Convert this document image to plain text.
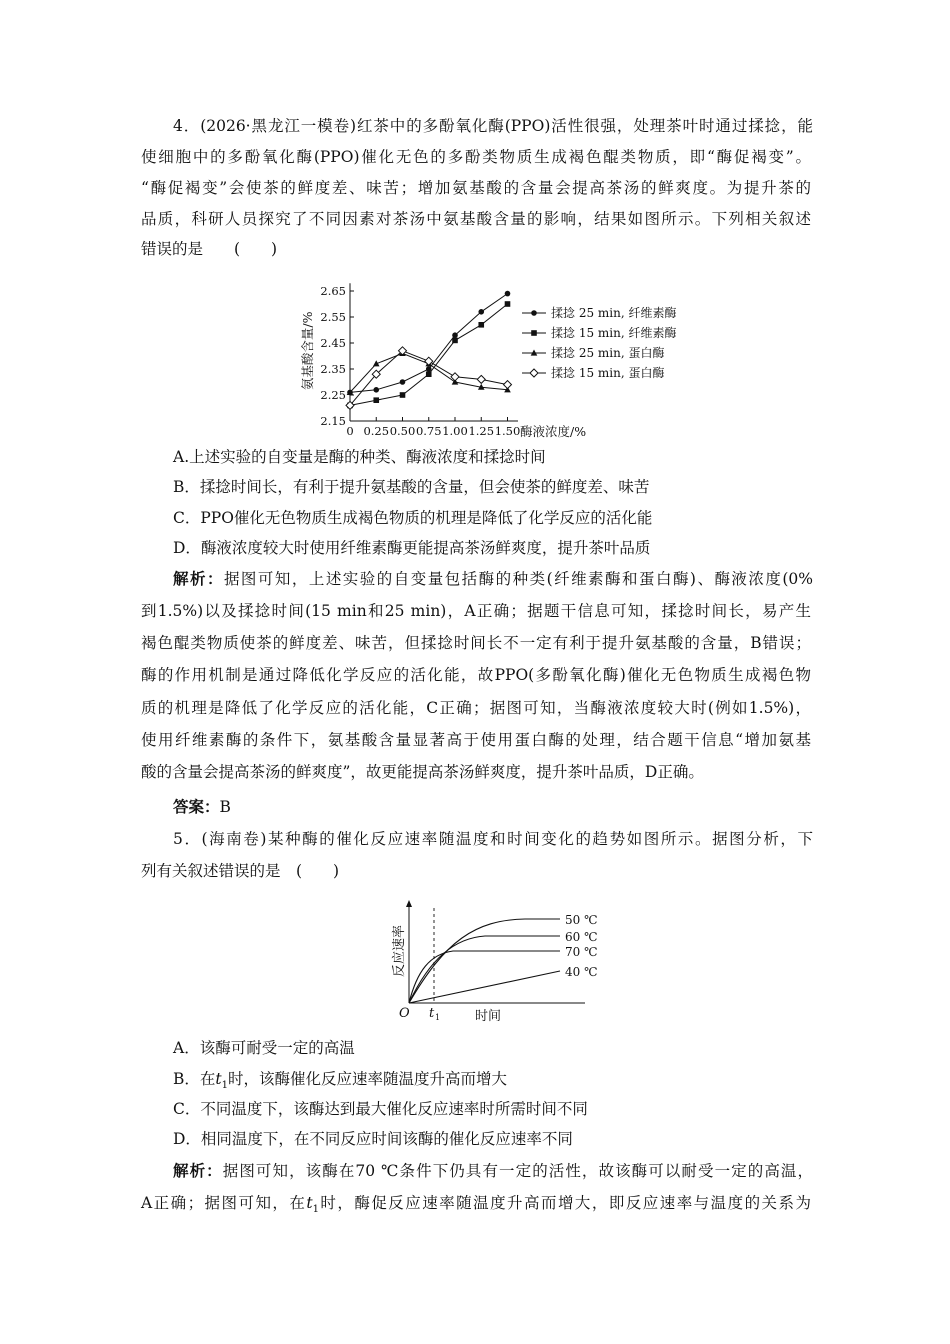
4．(2026·黑龙江一模卷)红茶中的多酚氧化酶(PPO)活性很强，处理茶叶时通过揉捻，能
使细胞中的多酚氧化酶(PPO)催化无色的多酚类物质生成褐色醌类物质，即“酶促褐变”。
“酶促褐变”会使茶的鲜度差、味苦；增加氨基酸的含量会提高茶汤的鲜爽度。为提升茶的
品质，科研人员探究了不同因素对茶汤中氨基酸含量的影响，结果如图所示。下列相关叙述
错误的是　　(　　)
2.15
2.25
2.35
2.45
2.55
2.65
0 0.25 0.50 0.75 1.00 1.25 1.50 酶液浓度/%
氨基酸含量/%	揉捻 25 min, 纤维素酶
揉捻 15 min, 纤维素酶
揉捻 25 min, 蛋白酶
揉捻 15 min, 蛋白酶
A.上述实验的自变量是酶的种类、酶液浓度和揉捻时间
B．揉捻时间长，有利于提升氨基酸的含量，但会使茶的鲜度差、味苦
C．PPO催化无色物质生成褐色物质的机理是降低了化学反应的活化能
D．酶液浓度较大时使用纤维素酶更能提高茶汤鲜爽度，提升茶叶品质
解析：据图可知，上述实验的自变量包括酶的种类(纤维素酶和蛋白酶)、酶液浓度(0%
到1.5%)以及揉捻时间(15 min和25 min)，A正确；据题干信息可知，揉捻时间长，易产生
褐色醌类物质使茶的鲜度差、味苦，但揉捻时间长不一定有利于提升氨基酸的含量，B错误；
酶的作用机制是通过降低化学反应的活化能，故PPO(多酚氧化酶)催化无色物质生成褐色物
质的机理是降低了化学反应的活化能，C正确；据图可知，当酶液浓度较大时(例如1.5%)，
使用纤维素酶的条件下，氨基酸含量显著高于使用蛋白酶的处理，结合题干信息“增加氨基
酸的含量会提高茶汤的鲜爽度”，故更能提高茶汤鲜爽度，提升茶叶品质，D正确。
答案：B
5．(海南卷)某种酶的催化反应速率随温度和时间变化的趋势如图所示。据图分析，下
列有关叙述错误的是　(　　)
50 ℃
60 ℃
70 ℃
40 ℃
反应速率
O t 1	时间
A．该酶可耐受一定的高温
B．在$t_1$时，该酶催化反应速率随温度升高而增大
C．不同温度下，该酶达到最大催化反应速率时所需时间不同
D．相同温度下，在不同反应时间该酶的催化反应速率不同
解析：据图可知，该酶在70 ℃条件下仍具有一定的活性，故该酶可以耐受一定的高温，
A正确；据图可知，在$t_1$时，酶促反应速率随温度升高而增大，即反应速率与温度的关系为
